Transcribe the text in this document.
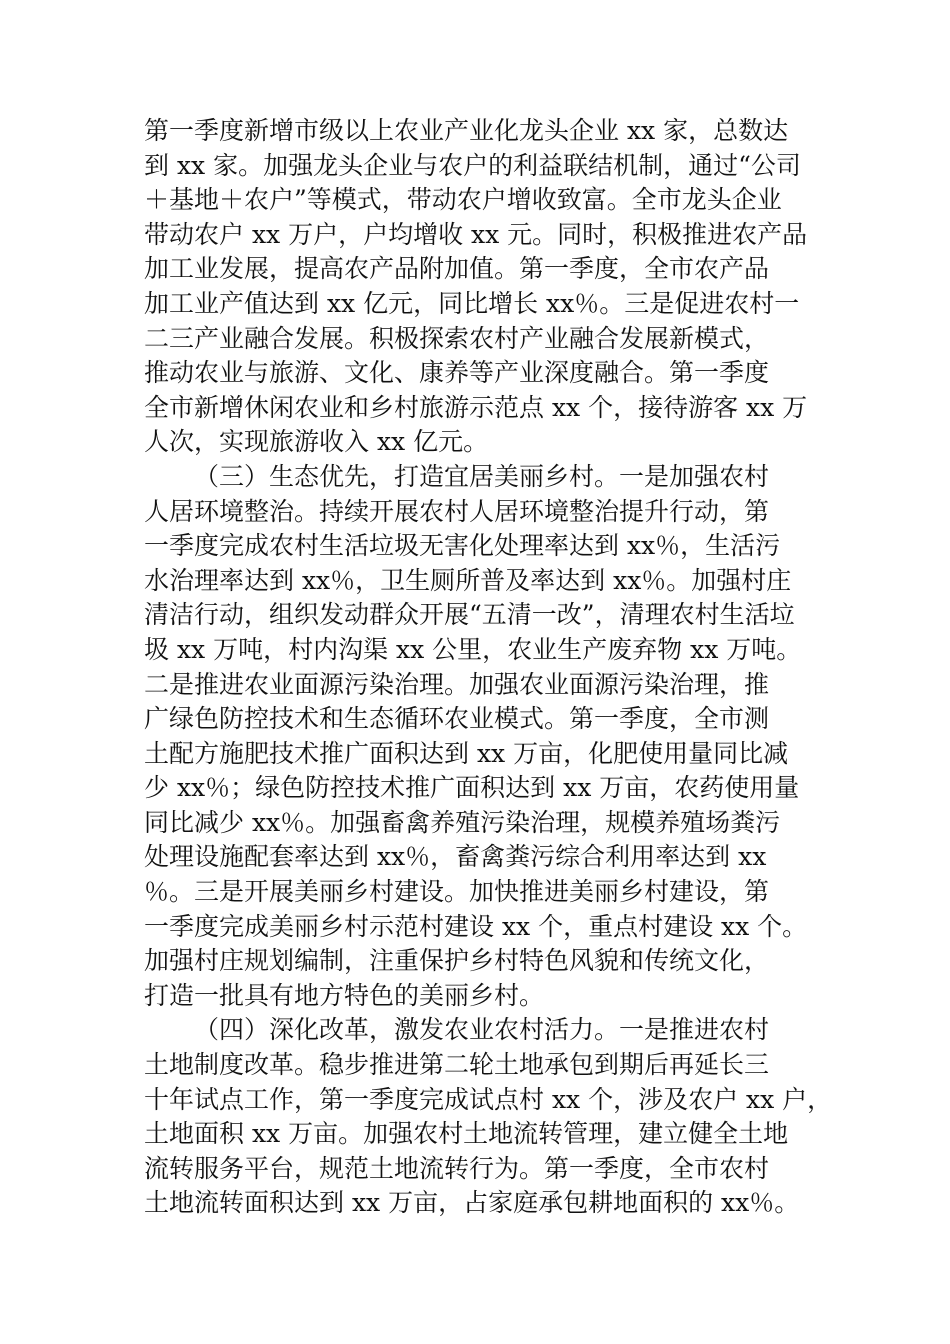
第一季度新增市级以上农业产业化龙头企业 xx 家，总数达
到 xx 家。加强龙头企业与农户的利益联结机制，通过“公司
＋基地＋农户”等模式，带动农户增收致富。全市龙头企业
带动农户 xx 万户，户均增收 xx 元。同时，积极推进农产品
加工业发展，提高农产品附加值。第一季度，全市农产品
加工业产值达到 xx 亿元，同比增长 xx％。三是促进农村一
二三产业融合发展。积极探索农村产业融合发展新模式，
推动农业与旅游、文化、康养等产业深度融合。第一季度
全市新增休闲农业和乡村旅游示范点 xx 个，接待游客 xx 万
人次，实现旅游收入 xx 亿元。
（三）生态优先，打造宜居美丽乡村。一是加强农村
人居环境整治。持续开展农村人居环境整治提升行动，第
一季度完成农村生活垃圾无害化处理率达到 xx％，生活污
水治理率达到 xx％，卫生厕所普及率达到 xx％。加强村庄
清洁行动，组织发动群众开展“五清一改”，清理农村生活垃
圾 xx 万吨，村内沟渠 xx 公里，农业生产废弃物 xx 万吨。
二是推进农业面源污染治理。加强农业面源污染治理，推
广绿色防控技术和生态循环农业模式。第一季度，全市测
土配方施肥技术推广面积达到 xx 万亩，化肥使用量同比减
少 xx％；绿色防控技术推广面积达到 xx 万亩，农药使用量
同比减少 xx％。加强畜禽养殖污染治理，规模养殖场粪污
处理设施配套率达到 xx％，畜禽粪污综合利用率达到 xx
％。三是开展美丽乡村建设。加快推进美丽乡村建设，第
一季度完成美丽乡村示范村建设 xx 个，重点村建设 xx 个。
加强村庄规划编制，注重保护乡村特色风貌和传统文化，
打造一批具有地方特色的美丽乡村。
（四）深化改革，激发农业农村活力。一是推进农村
土地制度改革。稳步推进第二轮土地承包到期后再延长三
十年试点工作，第一季度完成试点村 xx 个，涉及农户 xx 户，
土地面积 xx 万亩。加强农村土地流转管理，建立健全土地
流转服务平台，规范土地流转行为。第一季度，全市农村
土地流转面积达到 xx 万亩，占家庭承包耕地面积的 xx％。
